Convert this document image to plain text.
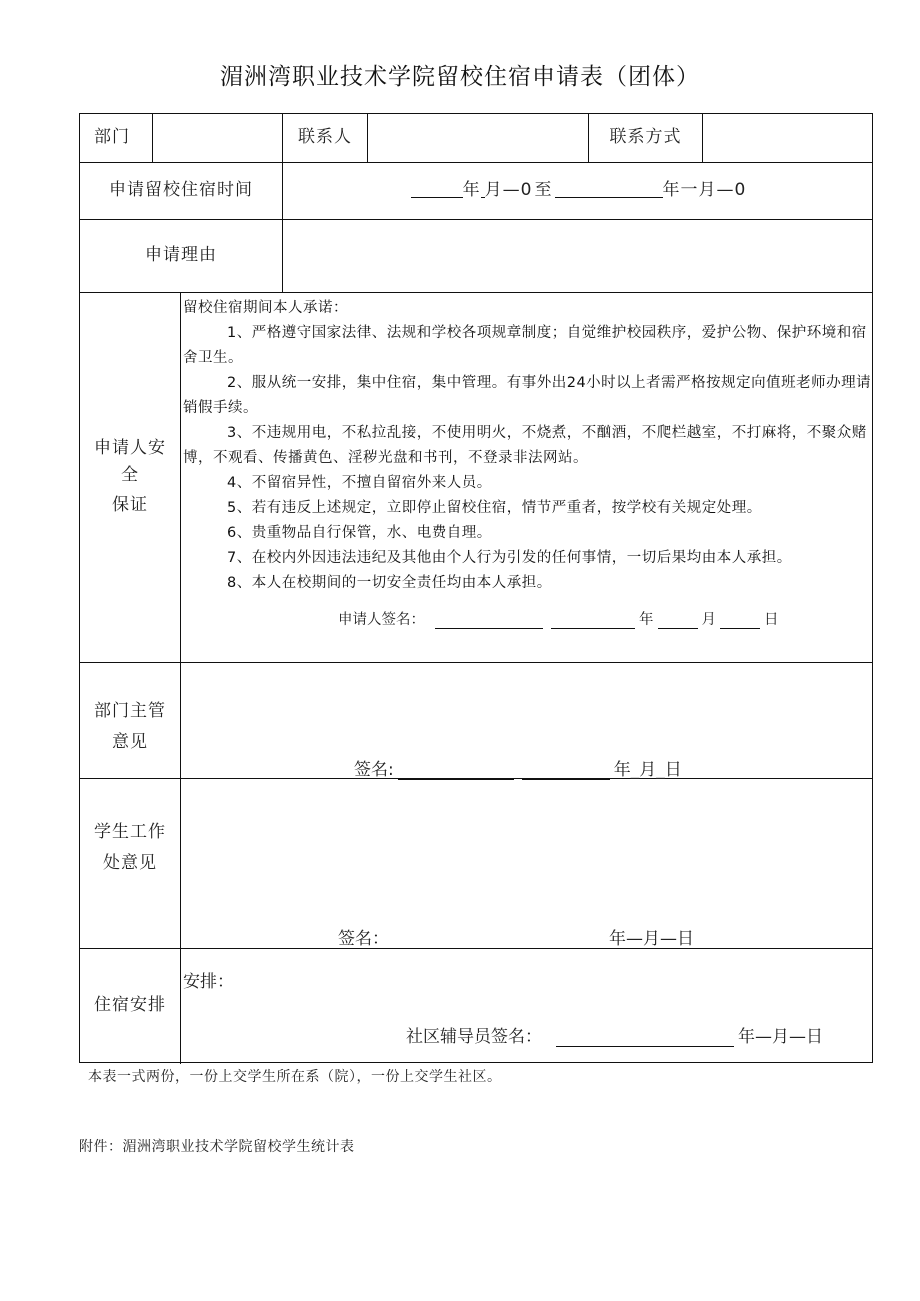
湄洲湾职业技术学院留校住宿申请表（团体）
部门	联系人	联系方式
申请留校住宿时间	年 月—0 至	年一月—0
申请理由
申请人安
全
保证

留校住宿期间本人承诺：

1、严格遵守国家法律、法规和学校各项规章制度；自觉维护校园秩序，爱护公物、保护环境和宿舍卫生。

2、服从统一安排，集中住宿，集中管理。有事外出24小时以上者需严格按规定向值班老师办理请销假手续。

3、不违规用电，不私拉乱接，不使用明火，不烧煮，不酗酒，不爬栏越室，不打麻将，不聚众赌博，不观看、传播黄色、淫秽光盘和书刊，不登录非法网站。

4、不留宿异性，不擅自留宿外来人员。

5、若有违反上述规定，立即停止留校住宿，情节严重者，按学校有关规定处理。

6、贵重物品自行保管，水、电费自理。

7、在校内外因违法违纪及其他由个人行为引发的任何事情，一切后果均由本人承担。

8、本人在校期间的一切安全责任均由本人承担。

申请人签名：	年	月	日
部门主管
意见
签名:	年_月_日
学生工作
处意见
签名：	年—月—日
住宿安排
安排：
社区辅导员签名：	年—月—日
本表一式两份，一份上交学生所在系（院），一份上交学生社区。
附件：湄洲湾职业技术学院留校学生统计表
